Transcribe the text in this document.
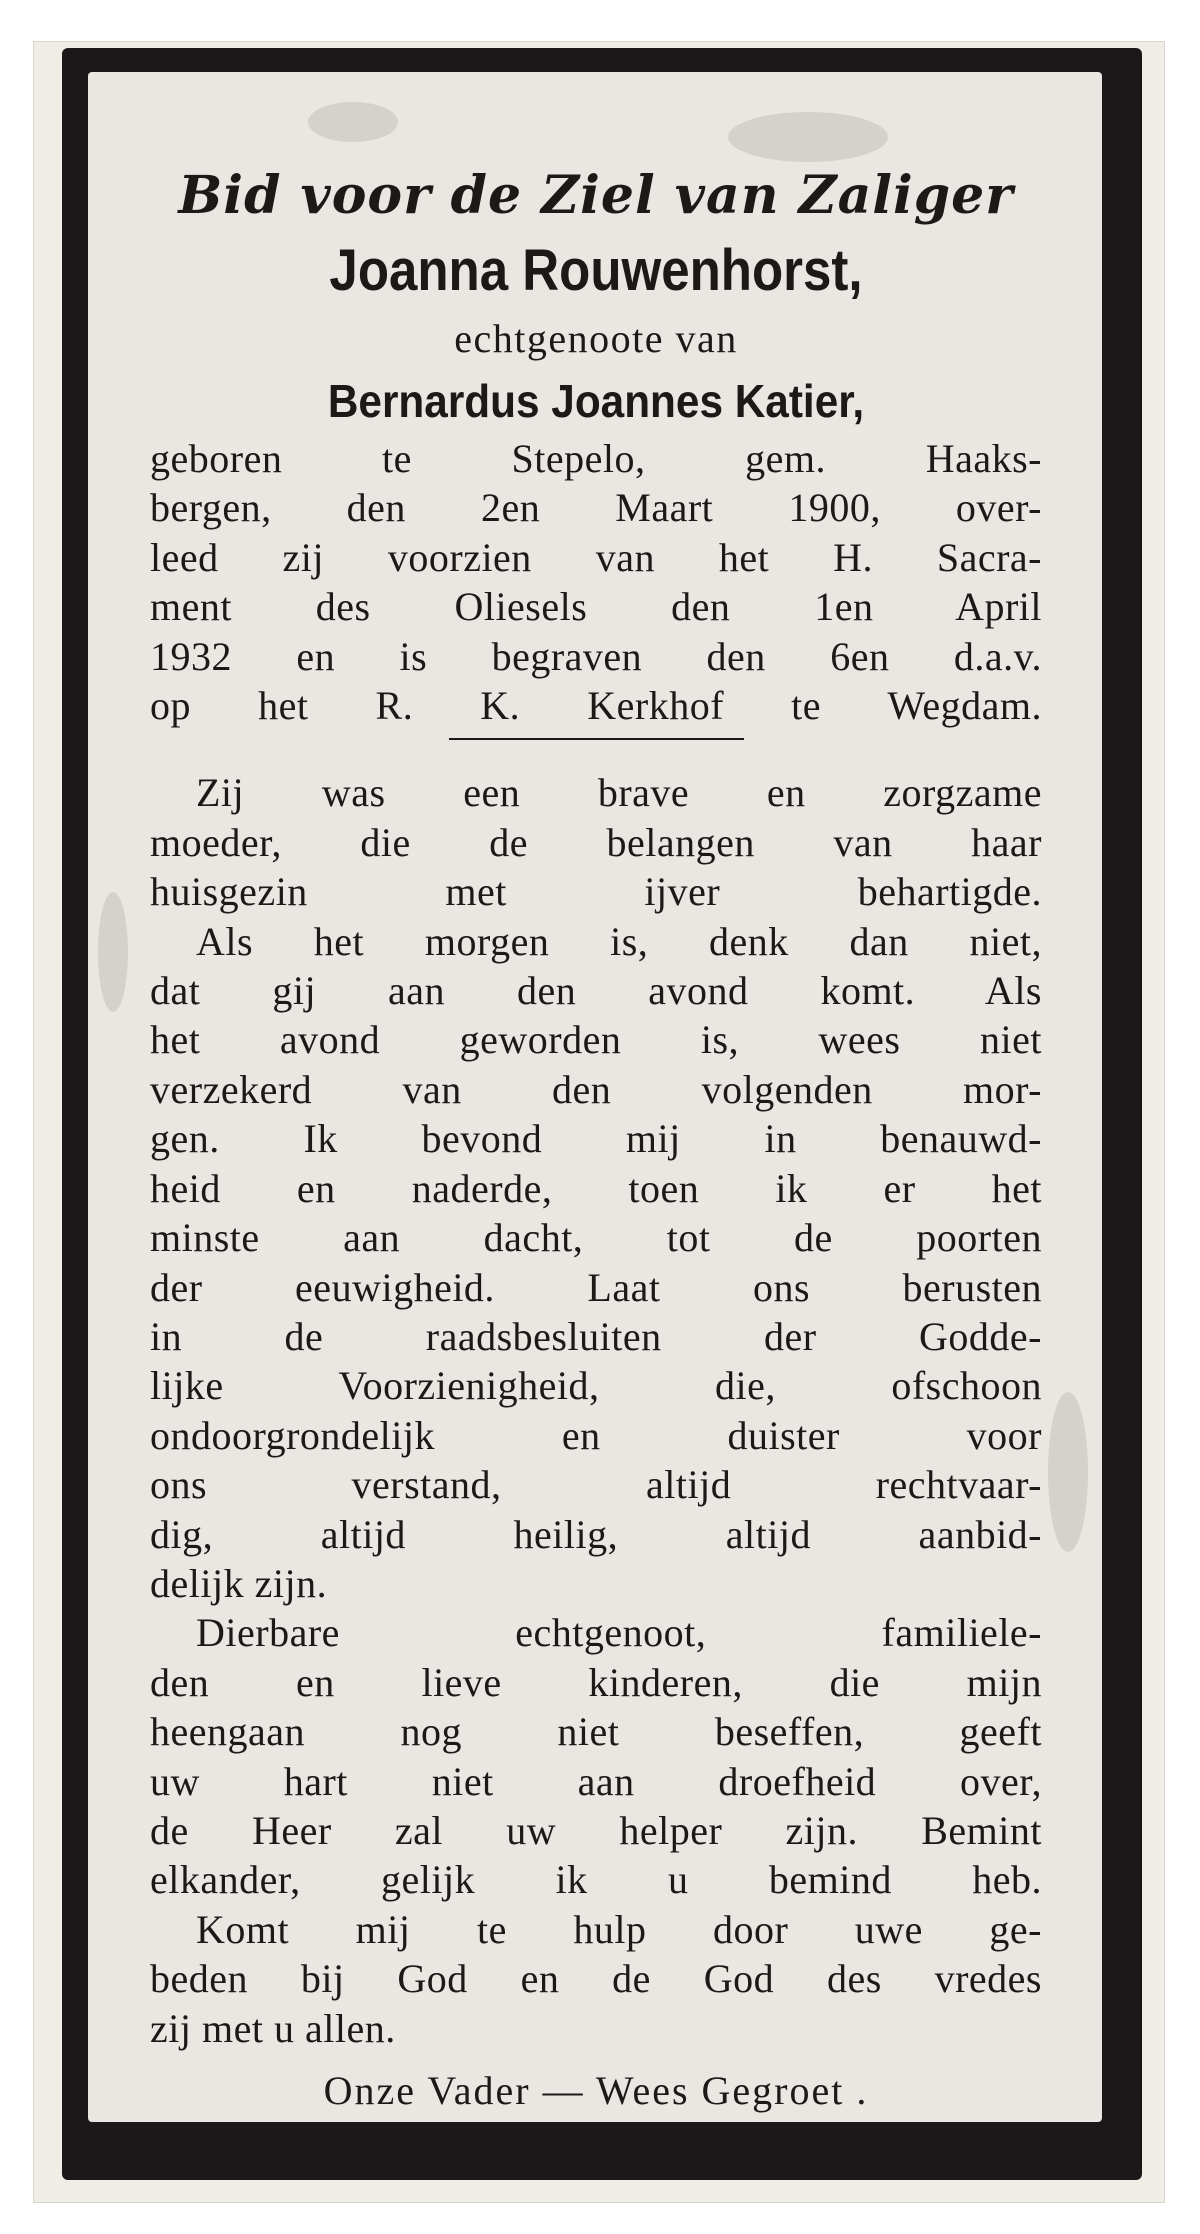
Bid voor de Ziel van Zaliger

Joanna Rouwenhorst,

echtgenoote van

Bernardus Joannes Katier,

geboren te Stepelo, gem. Haaks-

bergen, den 2en Maart 1900, over-

leed zij voorzien van het H. Sacra-

ment des Oliesels den 1en April

1932 en is begraven den 6en d.a.v.

op het R. K. Kerkhof te Wegdam.

Zij was een brave en zorgzame

moeder, die de belangen van haar

huisgezin met ijver behartigde.

Als het morgen is, denk dan niet,

dat gij aan den avond komt. Als

het avond geworden is, wees niet

verzekerd van den volgenden mor-

gen. Ik bevond mij in benauwd-

heid en naderde, toen ik er het

minste aan dacht, tot de poorten

der eeuwigheid. Laat ons berusten

in de raadsbesluiten der Godde-

lijke Voorzienigheid, die, ofschoon

ondoorgrondelijk en duister voor

ons verstand, altijd rechtvaar-

dig, altijd heilig, altijd aanbid-

delijk zijn.

Dierbare echtgenoot, familiele-

den en lieve kinderen, die mijn

heengaan nog niet beseffen, geeft

uw hart niet aan droefheid over,

de Heer zal uw helper zijn. Bemint

elkander, gelijk ik u bemind heb.

Komt mij te hulp door uwe ge-

beden bij God en de God des vredes

zij met u allen.

Onze Vader — Wees Gegroet .
